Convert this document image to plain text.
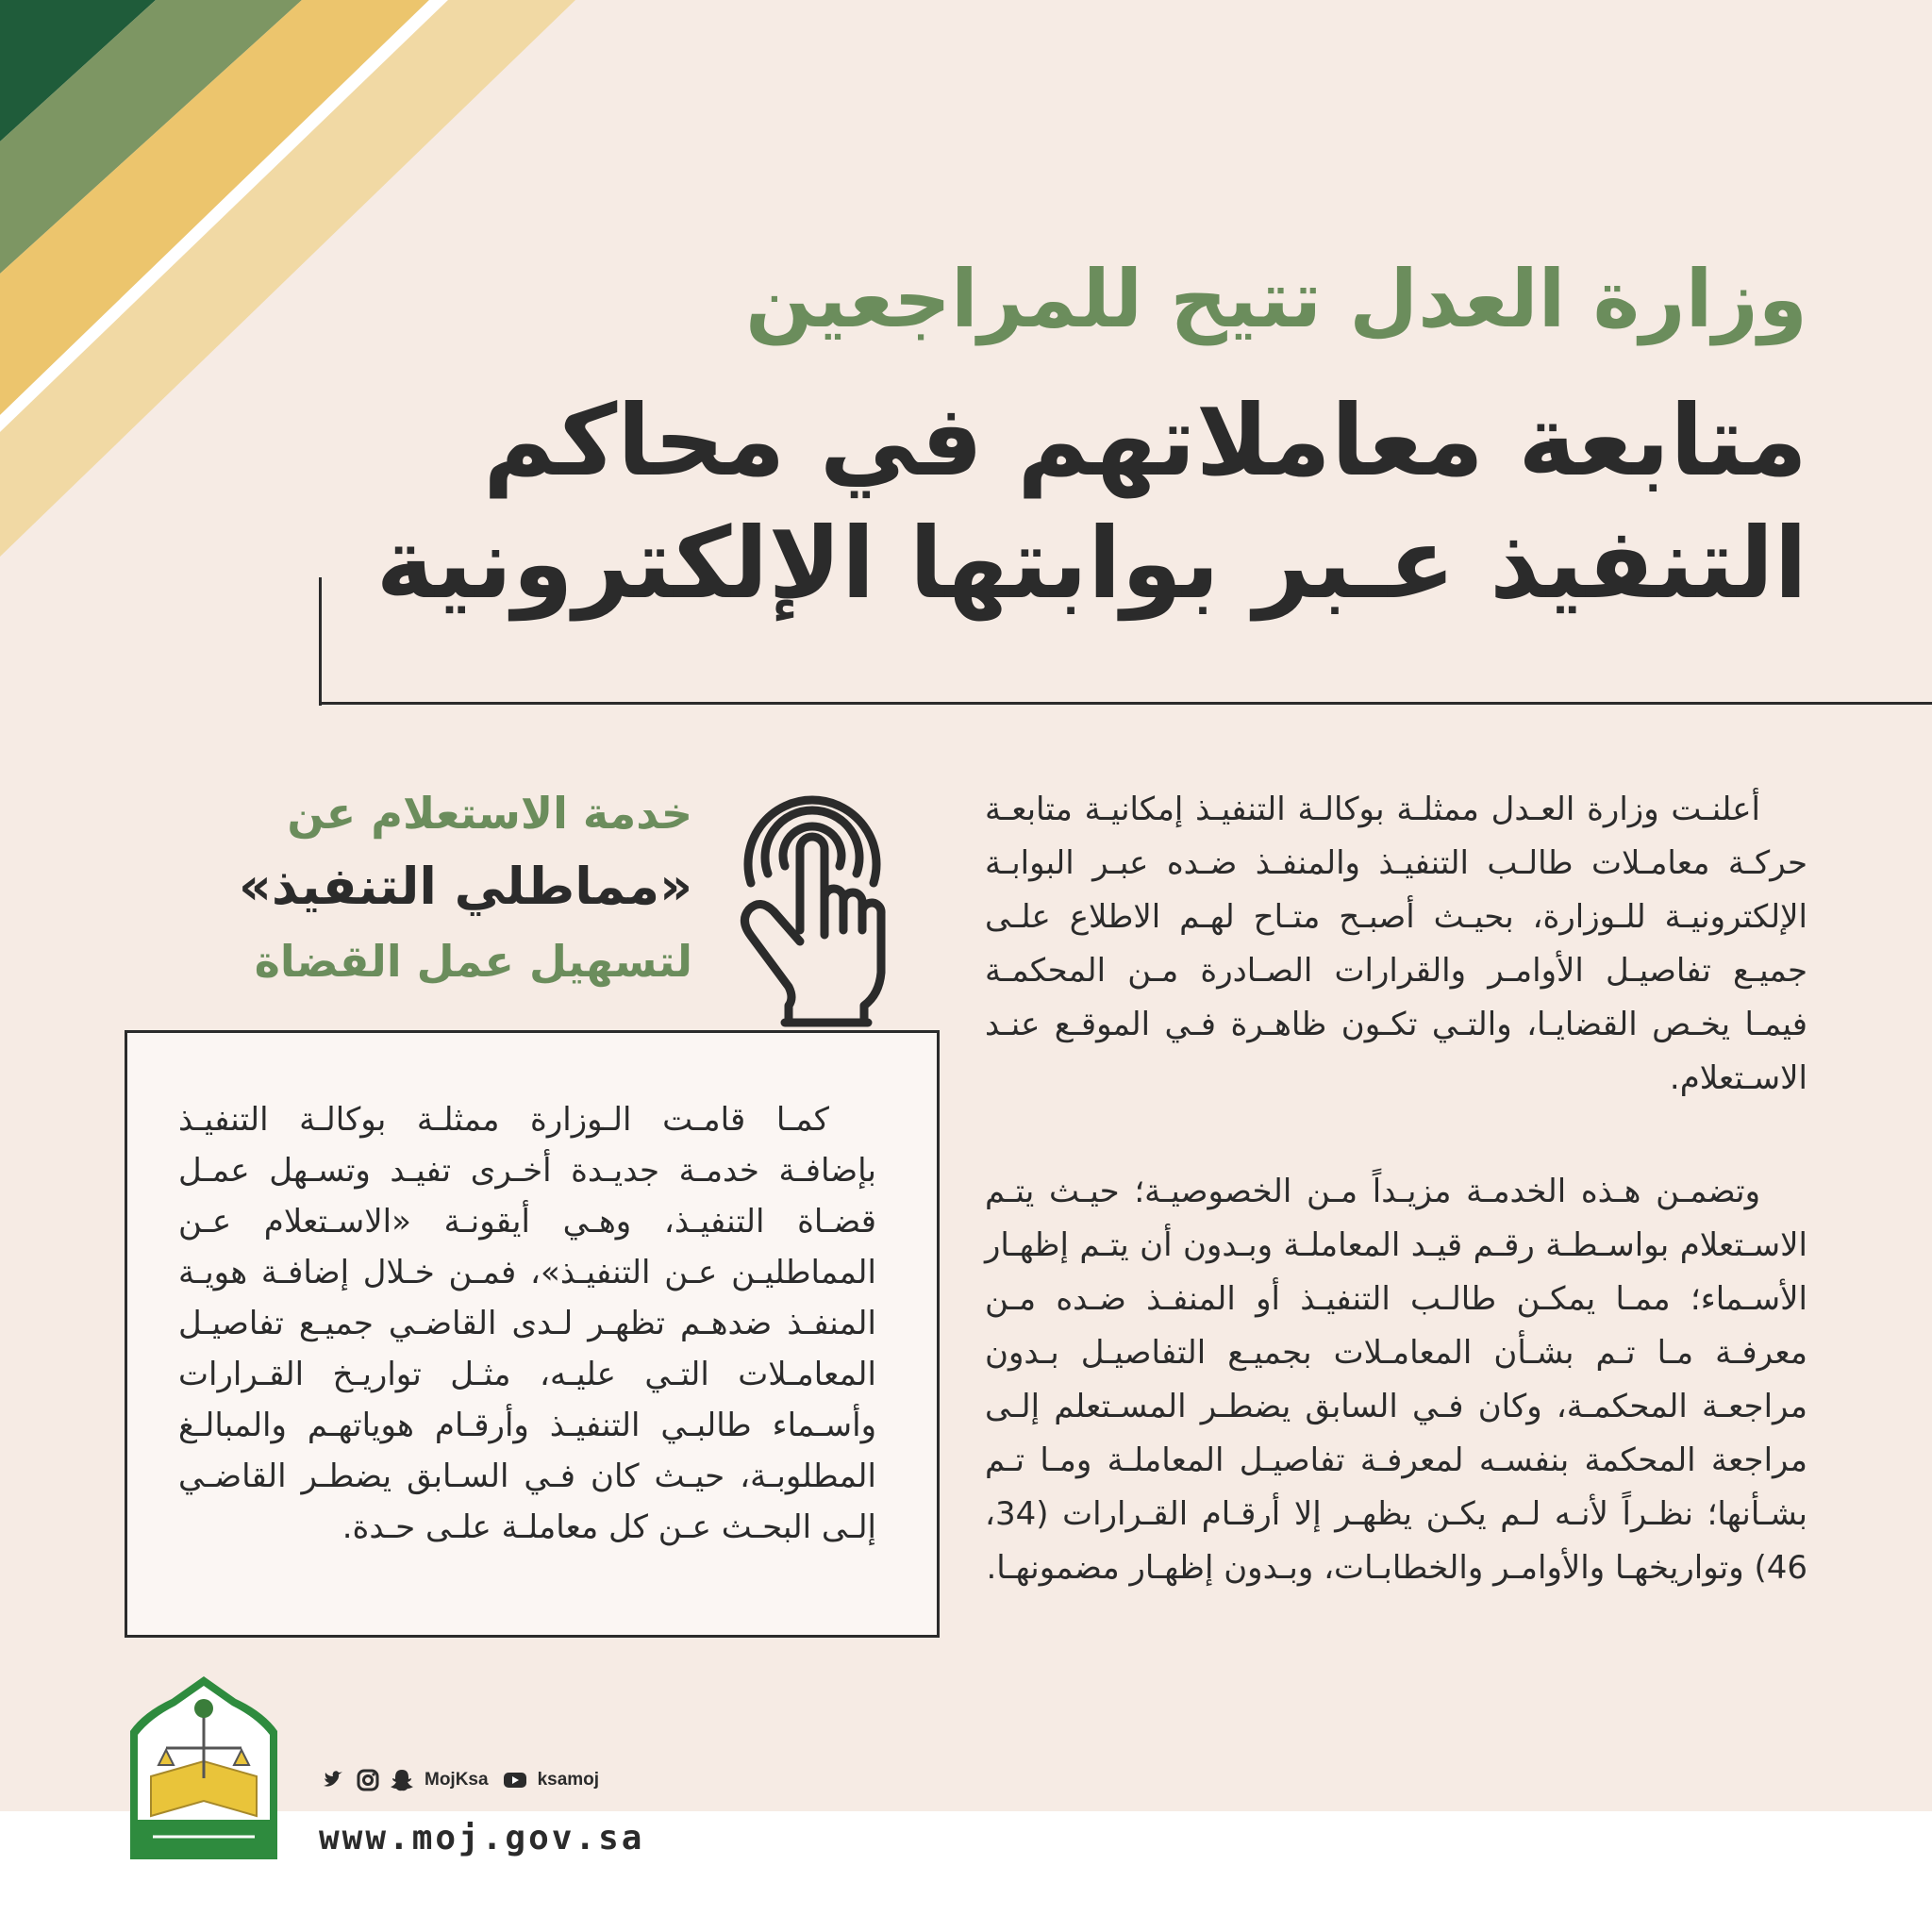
وزارة العدل تتيح للمراجعين
متابعة معاملاتهم في محاكم
التنفيذ عـبر بوابتها الإلكترونية

أعلنـت وزارة العـدل ممثلـة بوكالـة التنفيـذ إمكانيـة متابعـة حركـة معامـلات طالـب التنفيـذ والمنفـذ ضـده عبـر البوابـة الإلكترونيـة للـوزارة، بحيـث أصبـح متـاح لهـم الاطلاع علـى جميـع تفاصيـل الأوامـر والقرارات الصـادرة مـن المحكمـة فيمـا يخـص القضايـا، والتـي تكـون ظاهـرة فـي الموقـع عنـد الاسـتعلام.

وتضمـن هـذه الخدمـة مزيـداً مـن الخصوصيـة؛ حيـث يتـم الاسـتعلام بواسـطـة رقـم قيـد المعاملـة وبـدون أن يتـم إظهـار الأسـماء؛ ممـا يمكـن طالـب التنفيـذ أو المنفـذ ضـده مـن معرفـة مـا تـم بشـأن المعامـلات بجميـع التفاصيـل بـدون مراجعـة المحكمـة، وكان فـي السابق يضطـر المسـتعلم إلـى مراجعة المحكمة بنفسـه لمعرفـة تفاصيـل المعاملـة ومـا تـم بشـأنها؛ نظـراً لأنـه لـم يكـن يظهـر إلا أرقـام القـرارات (34، 46) وتواريخهـا والأوامـر والخطابـات، وبـدون إظهـار مضمونهـا.

خدمة الاستعلام عن

«مماطلي التنفيذ»

لتسهيل عمل القضاة

كمـا قامـت الـوزارة ممثلـة بوكالـة التنفيـذ بإضافـة خدمـة جديـدة أخـرى تفيـد وتسـهل عمـل قضـاة التنفيـذ، وهـي أيقونـة «الاسـتعلام عـن المماطليـن عـن التنفيـذ»، فمـن خـلال إضافـة هويـة المنفـذ ضدهـم تظهـر لـدى القاضـي جميـع تفاصيـل المعامـلات التـي عليـه، مثـل تواريـخ القـرارات وأسـماء طالبـي التنفيـذ وأرقـام هوياتهـم والمبالـغ المطلوبـة، حيـث كان فـي السـابق يضطـر القاضـي إلـى البحـث عـن كل معاملـة علـى حـدة.

MojKsa	ksamoj
www.moj.gov.sa
